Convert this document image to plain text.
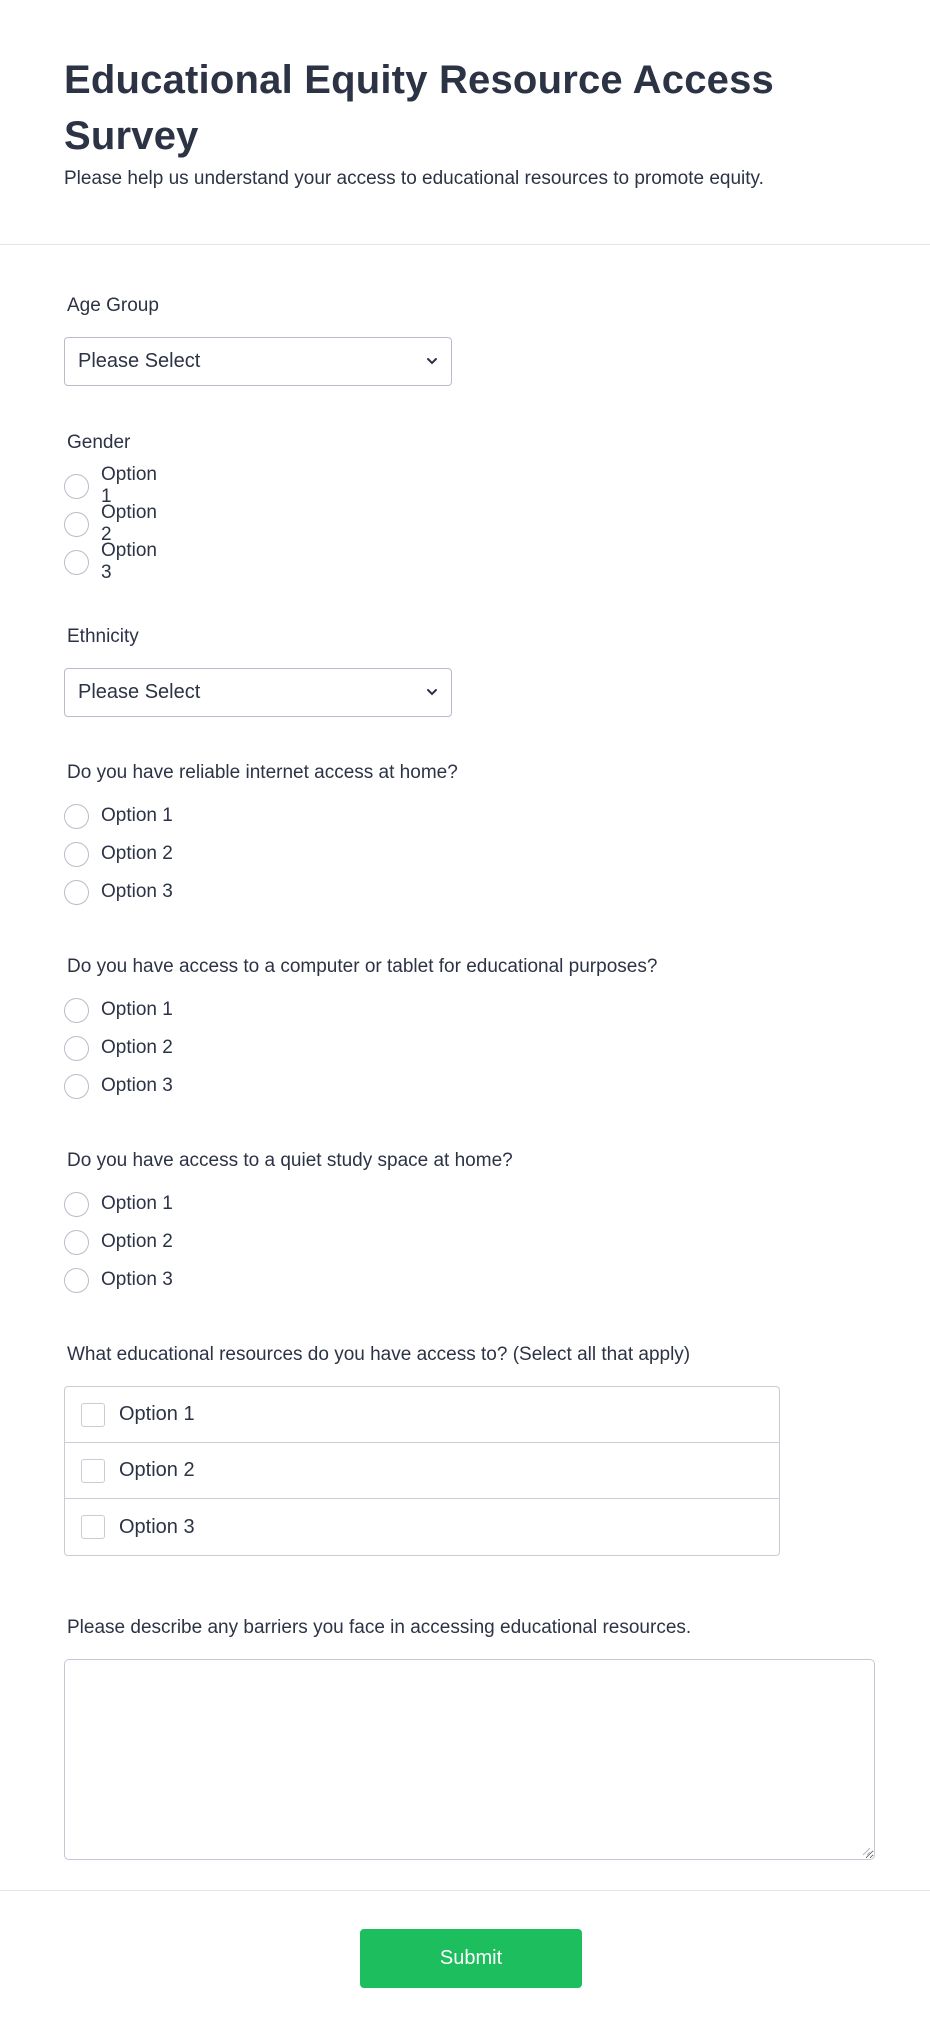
Educational Equity Resource Access Survey

Please help us understand your access to educational resources to promote equity.

Age Group
Please Select
Gender
Option 1
Option 2
Option 3
Ethnicity
Please Select
Do you have reliable internet access at home?
Option 1
Option 2
Option 3
Do you have access to a computer or tablet for educational purposes?
Option 1
Option 2
Option 3
Do you have access to a quiet study space at home?
Option 1
Option 2
Option 3
What educational resources do you have access to? (Select all that apply)
Option 1
Option 2
Option 3
Please describe any barriers you face in accessing educational resources.
Submit
